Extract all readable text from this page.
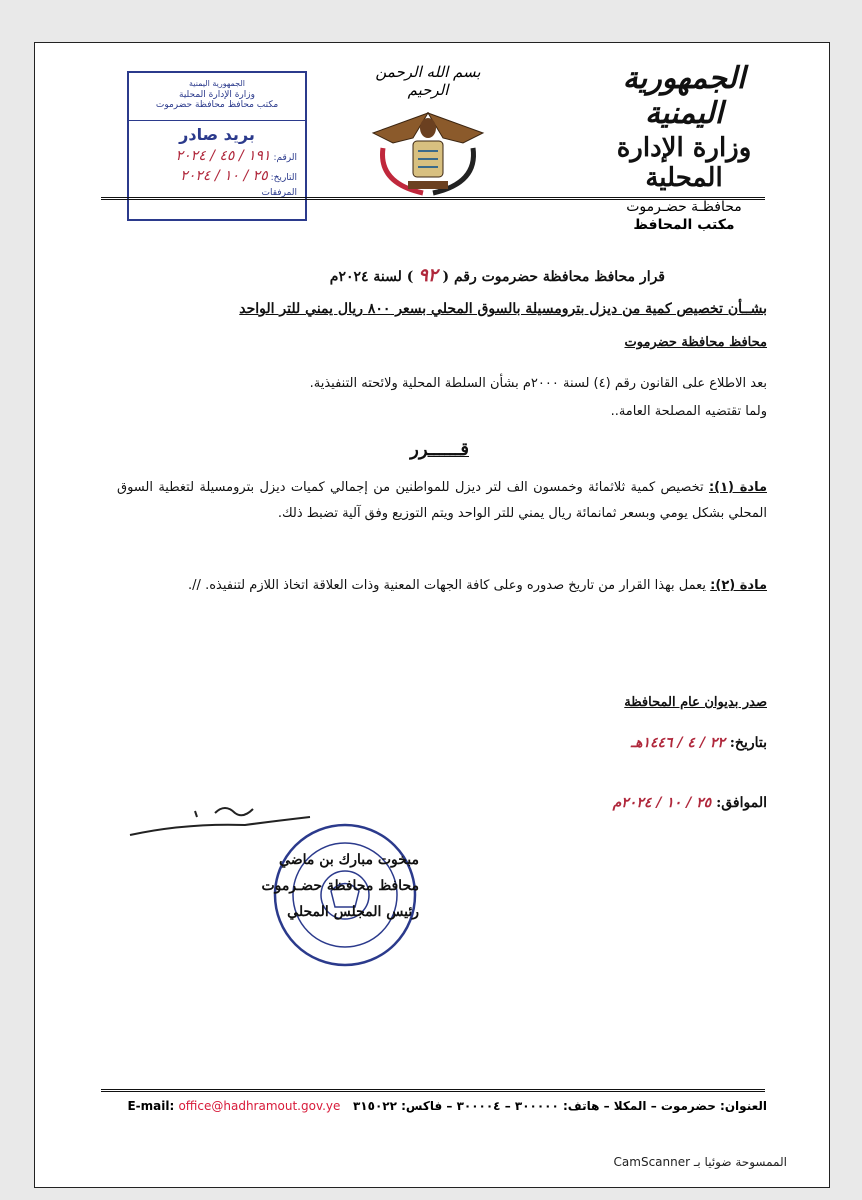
الجمهورية اليمنية
وزارة الإدارة المحلية
محافظـة حضـرموت
مكتب المحافظ
بسم الله الرحمن الرحيم
الجمهورية اليمنية
وزارة الإدارة المحلية
مكتب محافظ محافظة حضرموت
بريد صادر
الرقم: ١٩١ / ٤٥ / ٢٠٢٤
التاريخ: ٢٥ / ١٠ / ٢٠٢٤
المرفقات
قرار محافظ محافظة حضرموت رقم ( ٩٢ ) لسنة ٢٠٢٤م
بشــأن تخصيص كمية من ديزل بترومسيلة بالسوق المحلي بسعر ٨٠٠ ريال يمني للتر الواحد
محافظ محافظة حضرموت
بعد الاطلاع على القانون رقم (٤) لسنة ٢٠٠٠م بشأن السلطة المحلية ولائحته التنفيذية.
ولما تقتضيه المصلحة العامة..
قــــــرر
مادة (١): تخصيص كمية ثلاثمائة وخمسون الف لتر ديزل للمواطنين من إجمالي كميات ديزل بترومسيلة لتغطية السوق المحلي بشكل يومي وبسعر ثمانمائة ريال يمني للتر الواحد ويتم التوزيع وفق آلية تضبط ذلك.
مادة (٢): يعمل بهذا القرار من تاريخ صدوره وعلى كافة الجهات المعنية وذات العلاقة اتخاذ اللازم لتنفيذه. //.
صدر بديوان عام المحافظة
بتاريخ: ٢٢ / ٤ / ١٤٤٦هـ
الموافق: ٢٥ / ١٠ / ٢٠٢٤م
مبخوت مبارك بن ماضي
محافظ محافظة حضـرموت
رئيس المجلس المحلي
العنوان: حضرموت – المكلا – هاتف: ٣٠٠٠٠٠ – ٣٠٠٠٠٤ – فاكس: ٣١٥٠٢٢   E-mail: office@hadhramout.gov.ye
الممسوحة ضوئيا بـ CamScanner
